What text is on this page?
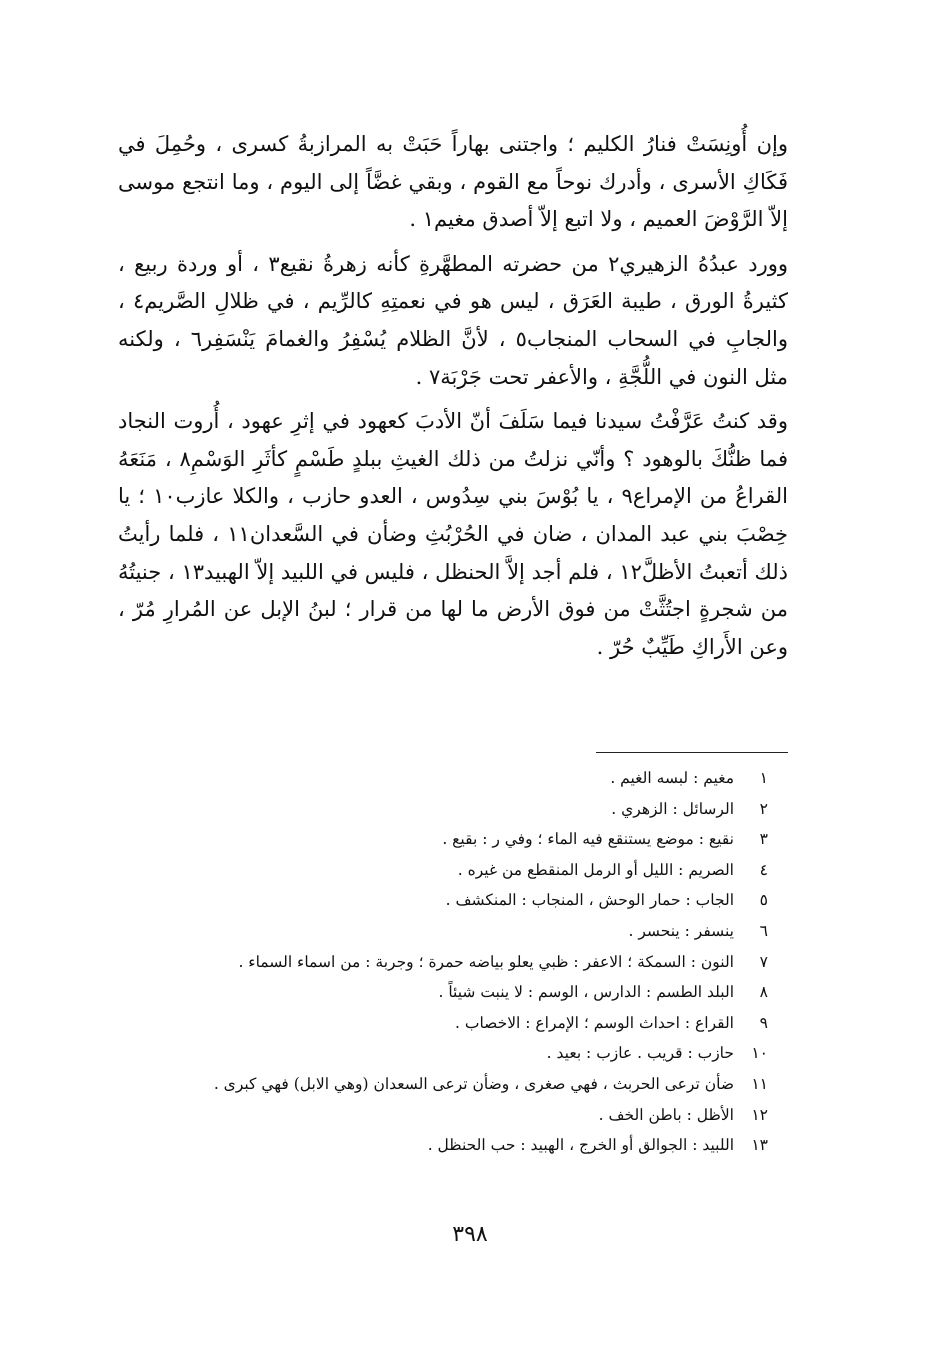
وإن أُونِسَتْ فنارُ الكليم ؛ واجتنى بهاراً حَبَتْ به المرازبةُ كسرى ، وحُمِلَ في فَكَاكِ الأسرى ، وأدرك نوحاً مع القوم ، وبقي غضَّاً إلى اليوم ، وما انتجع موسى إلاّ الرَّوْضَ العميم ، ولا اتبع إلاّ أصدق مغيم١ .

وورد عبدُهُ الزهيري٢ من حضرته المطهَّرةِ كأنه زهرةُ نقيع٣ ، أو وردة ربيع ، كثيرةُ الورق ، طيبة العَرَق ، ليس هو في نعمتِهِ كالرِّيم ، في ظلالِ الصَّريم٤ ، والجابِ في السحاب المنجاب٥ ، لأنَّ الظلام يُسْفِرُ والغمامَ يَنْسَفِر٦ ، ولكنه مثل النون في اللُّجَّةِ ، والأعفر تحت جَرْبَة٧ .

وقد كنتُ عَرَّفْتُ سيدنا فيما سَلَفَ أنّ الأدبَ كعهود في إثرِ عهود ، أُروت النجاد فما ظنُّكَ بالوهود ؟ وأنّي نزلتُ من ذلك الغيثِ ببلدٍ طَسْمٍ كأثَرِ الوَسْمِ٨ ، مَنَعَهُ القراعُ من الإمراع٩ ، يا بُوْسَ بني سِدُوس ، العدو حازب ، والكلا عازب١٠ ؛ يا خِصْبَ بني عبد المدان ، ضان في الحُرْبُثِ وضأن في السَّعدان١١ ، فلما رأيتُ ذلك أتعبتُ الأظلَّ١٢ ، فلم أجد إلاَّ الحنظل ، فليس في اللبيد إلاّ الهبيد١٣ ، جنيتُهُ من شجرةٍ اجتُثَّتْ من فوق الأرض ما لها من قرار ؛ لبنُ الإبل عن المُرارِ مُرّ ، وعن الأَراكِ طَيِّبٌ حُرّ .

١
مغيم : لبسه الغيم .
٢
الرسائل : الزهري .
٣
نقيع : موضع يستنقع فيه الماء ؛ وفي ر : بقيع .
٤
الصريم : الليل أو الرمل المنقطع من غيره .
٥
الجاب : حمار الوحش ، المنجاب : المنكشف .
٦
ينسفر : ينحسر .
٧
النون : السمكة ؛ الاعفر : ظبي يعلو بياضه حمرة ؛ وجربة : من اسماء السماء .
٨
البلد الطسم : الدارس ، الوسم : لا ينبت شيئاً .
٩
القراع : احداث الوسم ؛ الإمراع : الاخصاب .
١٠
حازب : قريب . عازب : بعيد .
١١
ضأن ترعى الحربث ، فهي صغرى ، وضأن ترعى السعدان (وهي الابل) فهي كبرى .
١٢
الأظل : باطن الخف .
١٣
اللبيد : الجوالق أو الخرج ، الهبيد : حب الحنظل .
٣٩٨
